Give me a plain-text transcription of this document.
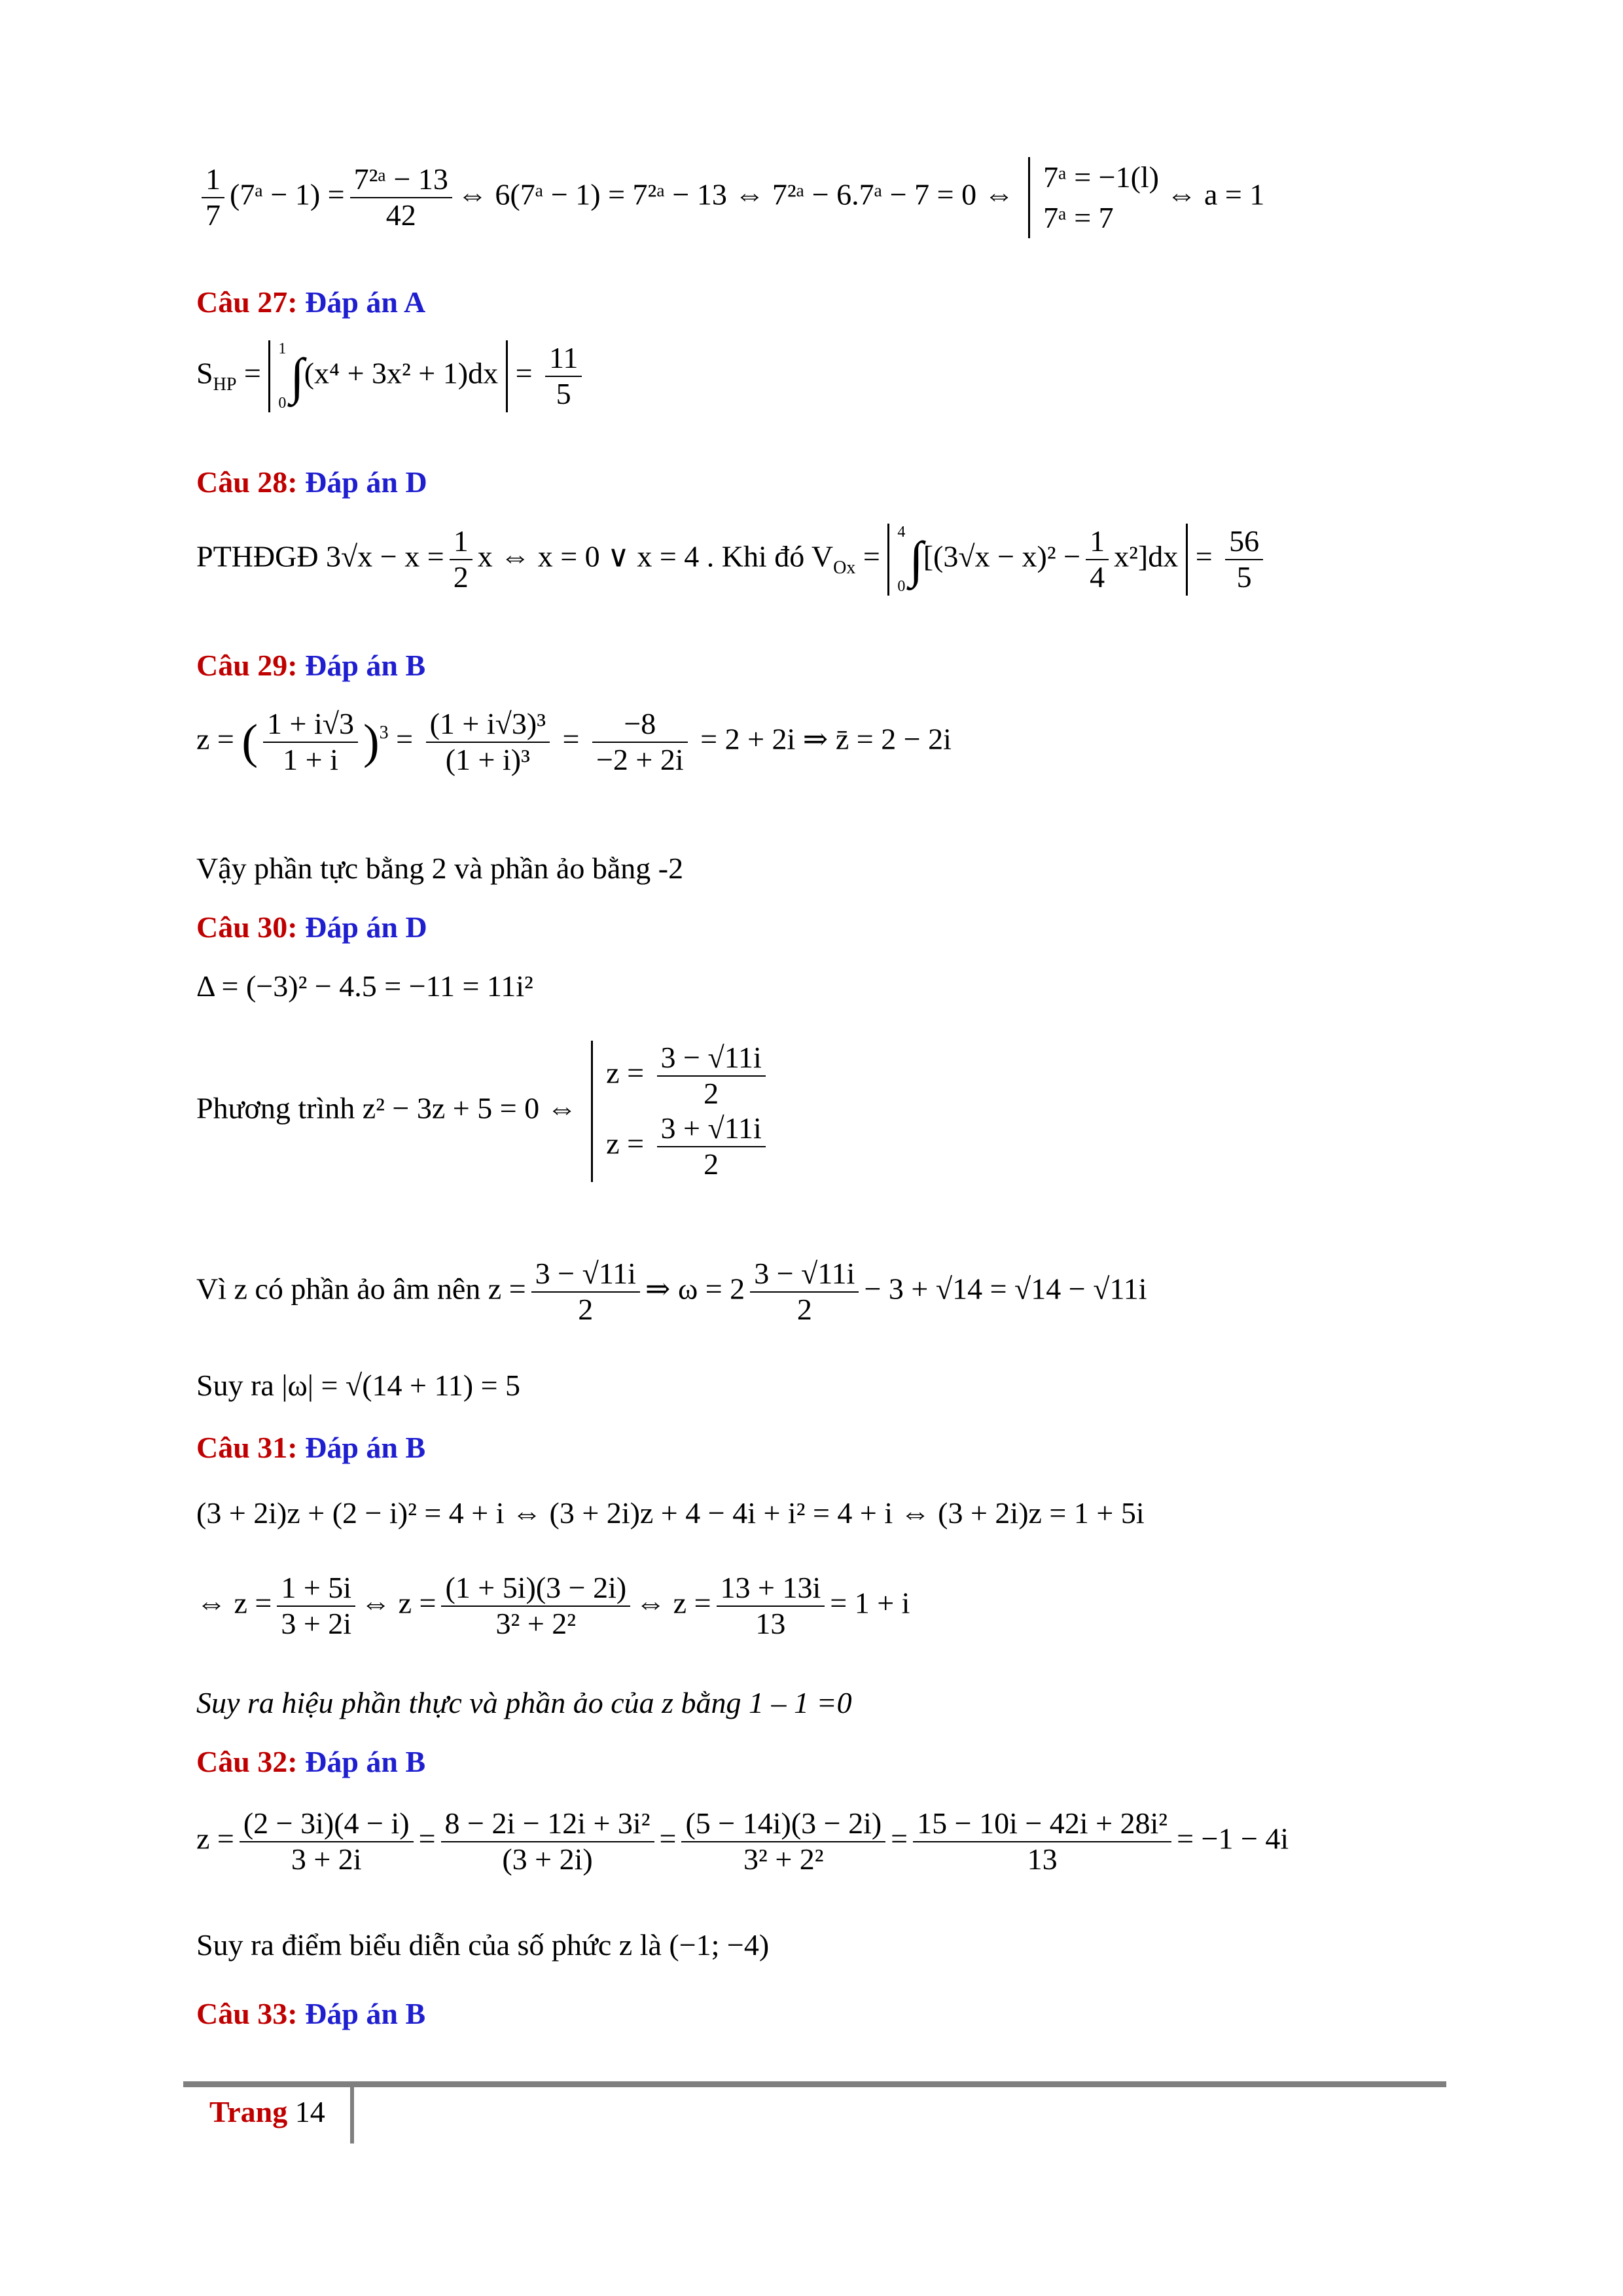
$\frac{1}{7}$ (7ᵃ − $1) = \frac{\text{7²ᵃ − 13}}{42}$ ⇔ 6(7ᵃ − 1) = 7²ᵃ − 13 ⇔ 7²ᵃ − 6.7ᵃ − 7 = 0 ⇔
7ᵃ = −1(l)
7ᵃ = 7
⇔ a = 1
Câu 27: Đáp án A
$S_{HP}$ =
1
0 $\int(x^4 + 3x^2 + 1)dx = \frac{11}{5}$
Câu 28: Đáp án D
PTHĐGĐ $3√x - x = \frac{1}{2}$ x ⇔ x = 0 ∨ x = 4 . Khi đó $V_{Ox}$ =
4
0 $\int[(3√x - x)^2 - \frac{1}{4} x^2]dx = \frac{56}{5}$
Câu 29: Đáp án B
z = ( $\frac{1 + i√3}{1 + i} )^3 = \frac{\text{(1 + i√3)³}}{\text{(1 + i)³}} = \frac{-8}{-2 + 2i} = 2 + 2i$ ⇒ z̄ = 2 − 2i
Vậy phần tực bằng 2 và phần ảo bằng -2
Câu 30: Đáp án D
Δ = (−3)² − 4.5 = −11 = 11i²
Phương trình z² − 3z + 5 = 0 ⇔
$z = \frac{3 - √11i}{2}$
$z = \frac{3 + √11i}{2}$
Vì z có phần ảo âm nên $z = \frac{3 - √11i}{2}$ ⇒ $\omega = 2 \frac{3 - √11i}{2} - 3 + √14 = √14 - √11i$
Suy ra |ω| = √(14 + 11) = 5
Câu 31: Đáp án B
(3 + 2i)z + (2 − i)² = 4 + i ⇔ (3 + 2i)z + 4 − 4i + i² = 4 + i ⇔ (3 + 2i)z = 1 + 5i
⇔ $z = \frac{1 + 5i}{3 + 2i}$ ⇔ $z = \frac{(1 + 5i)(3 - 2i)}{\text{3² + 2²}}$ ⇔ $z = \frac{13 + 13i}{13} = 1 + i$
Suy ra hiệu phần thực và phần ảo của z bằng 1 – 1 =0
Câu 32: Đáp án B
$z = \frac{(2 - 3i)(4 - i)}{3 + 2i} = \frac{\text{8 − 2i − 12i + 3i²}}{(3 + 2i)} = \frac{(5 - 14i)(3 - 2i)}{\text{3² + 2²}} = \frac{\text{15 − 10i − 42i + 28i²}}{13} = -1 - 4i$
Suy ra điểm biểu diễn của số phức z là (−1; −4)
Câu 33: Đáp án B
Trang 14
